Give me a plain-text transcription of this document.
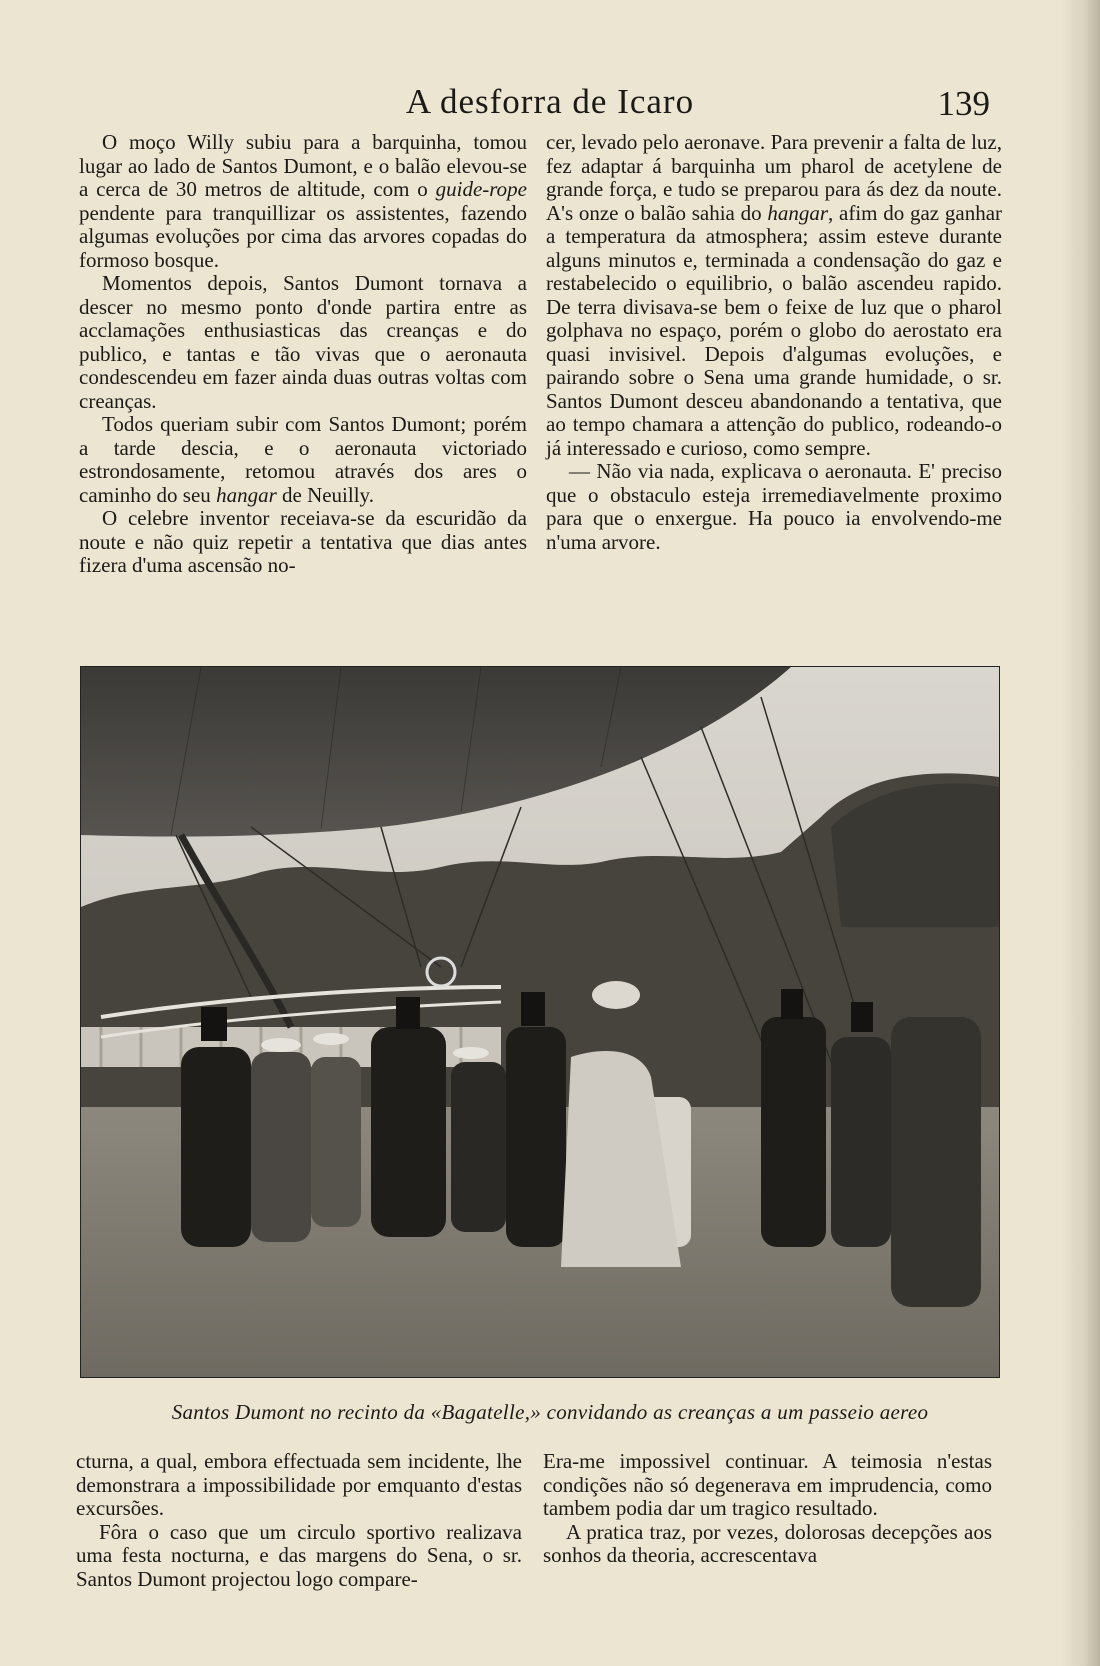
A desforra de Icaro	139

O moço Willy subiu para a barquinha, tomou lugar ao lado de Santos Dumont, e o balão elevou-se a cerca de 30 metros de altitude, com o guide-rope pendente para tranquillizar os assistentes, fazendo algumas evoluções por cima das arvores copadas do formoso bosque.

Momentos depois, Santos Dumont tornava a descer no mesmo ponto d'onde partira entre as acclamações enthusiasticas das creanças e do publico, e tantas e tão vivas que o aeronauta condescendeu em fazer ainda duas outras voltas com creanças.

Todos queriam subir com Santos Dumont; porém a tarde descia, e o aeronauta victoriado estrondosamente, retomou através dos ares o caminho do seu hangar de Neuilly.

O celebre inventor receiava-se da escuridão da noute e não quiz repetir a tentativa que dias antes fizera d'uma ascensão no-

cer, levado pelo aeronave. Para prevenir a falta de luz, fez adaptar á barquinha um pharol de acetylene de grande força, e tudo se preparou para ás dez da noute. A's onze o balão sahia do hangar, afim do gaz ganhar a temperatura da atmosphera; assim esteve durante alguns minutos e, terminada a condensação do gaz e restabelecido o equilibrio, o balão ascendeu rapido. De terra divisava-se bem o feixe de luz que o pharol golphava no espaço, porém o globo do aerostato era quasi invisivel. Depois d'algumas evoluções, e pairando sobre o Sena uma grande humidade, o sr. Santos Dumont desceu abandonando a tentativa, que ao tempo chamara a attenção do publico, rodeando-o já interessado e curioso, como sempre.

— Não via nada, explicava o aeronauta. E' preciso que o obstaculo esteja irremediavelmente proximo para que o enxergue. Ha pouco ia envolvendo-me n'uma arvore.

Santos Dumont no recinto da «Bagatelle,» convidando as creanças a um passeio aereo

cturna, a qual, embora effectuada sem incidente, lhe demonstrara a impossibilidade por emquanto d'estas excursões.

Fôra o caso que um circulo sportivo realizava uma festa nocturna, e das margens do Sena, o sr. Santos Dumont projectou logo compare-

Era-me impossivel continuar. A teimosia n'estas condições não só degenerava em imprudencia, como tambem podia dar um tragico resultado.

A pratica traz, por vezes, dolorosas decepções aos sonhos da theoria, accrescentava
